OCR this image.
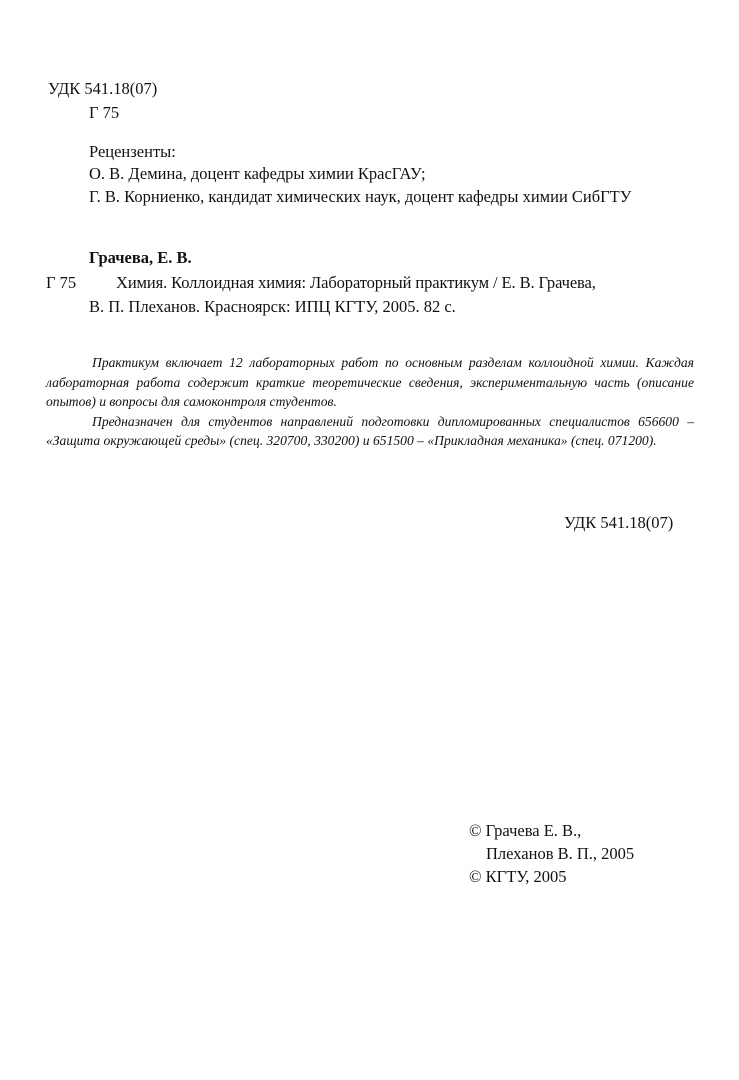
УДК 541.18(07)
Г 75
Рецензенты:
О. В. Демина, доцент кафедры химии КрасГАУ;
Г. В. Корниенко, кандидат химических наук, доцент кафедры химии СибГТУ
Грачева, Е. В.
Г 75 Химия. Коллоидная химия: Лабораторный практикум / Е. В. Грачева,
В. П. Плеханов. Красноярск: ИПЦ КГТУ, 2005. 82 с.

Практикум включает 12 лабораторных работ по основным разделам коллоидной химии. Каждая лабораторная работа содержит краткие теоретические сведения, экспериментальную часть (описание опытов) и вопросы для самоконтроля студентов.

Предназначен для студентов направлений подготовки дипломированных специалистов 656600 – «Защита окружающей среды» (спец. 320700, 330200) и 651500 – «Прикладная механика» (спец. 071200).

УДК 541.18(07)
© Грачева Е. В.,
Плеханов В. П., 2005
© КГТУ, 2005
